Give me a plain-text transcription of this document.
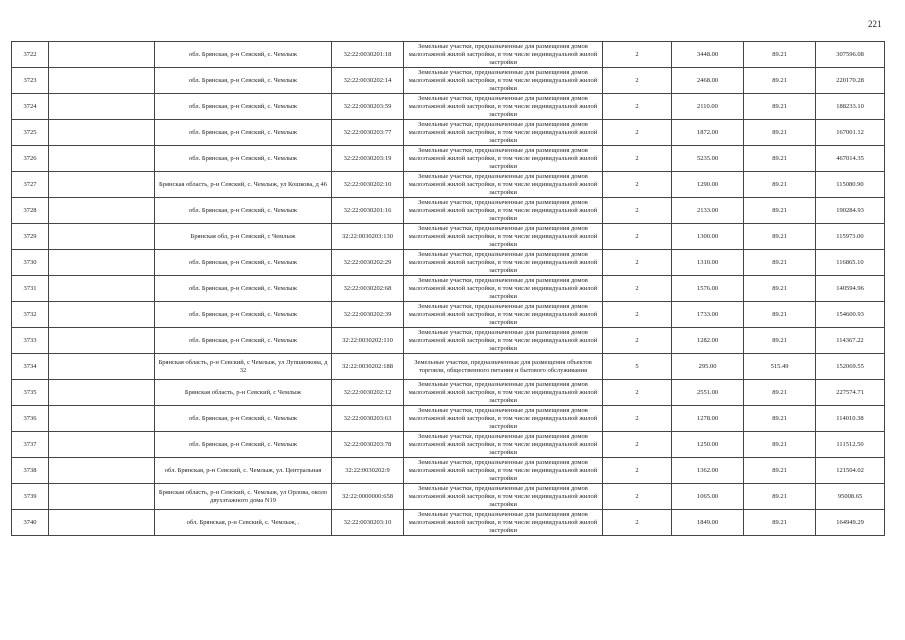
221
3722		обл. Брянская, р-н Севский, с. Чемлыж	32:22:0030201:18	Земельные участки, предназначенные для размещения домов малоэтажной жилой застройки, в том числе индивидуальной жилой застройки	2	3448.00	89.21	307596.08
3723		обл. Брянская, р-н Севский, с. Чемлыж	32:22:0030202:14	Земельные участки, предназначенные для размещения домов малоэтажной жилой застройки, в том числе индивидуальной жилой застройки	2	2468.00	89.21	220170.28
3724		обл. Брянская, р-н Севский, с. Чемлыж	32:22:0030203:59	Земельные участки, предназначенные для размещения домов малоэтажной жилой застройки, в том числе индивидуальной жилой застройки	2	2110.00	89.21	188233.10
3725		обл. Брянская, р-н Севский, с. Чемлыж	32:22:0030203:77	Земельные участки, предназначенные для размещения домов малоэтажной жилой застройки, в том числе индивидуальной жилой застройки	2	1872.00	89.21	167001.12
3726		обл. Брянская, р-н Севский, с. Чемлыж	32:22:0030203:19	Земельные участки, предназначенные для размещения домов малоэтажной жилой застройки, в том числе индивидуальной жилой застройки	2	5235.00	89.21	467014.35
3727		Брянская область, р-н Севский, с. Чемлыж, ул Кошкова, д 46	32:22:0030202:10	Земельные участки, предназначенные для размещения домов малоэтажной жилой застройки, в том числе индивидуальной жилой застройки	2	1290.00	89.21	115080.90
3728		обл. Брянская, р-н Севский, с. Чемлыж	32:22:0030201:16	Земельные участки, предназначенные для размещения домов малоэтажной жилой застройки, в том числе индивидуальной жилой застройки	2	2133.00	89.21	190284.93
3729		Брянская обл, р-н Севский, с Чемлыж	32:22:0030203:130	Земельные участки, предназначенные для размещения домов малоэтажной жилой застройки, в том числе индивидуальной жилой застройки	2	1300.00	89.21	115973.00
3730		обл. Брянская, р-н Севский, с. Чемлыж	32:22:0030202:29	Земельные участки, предназначенные для размещения домов малоэтажной жилой застройки, в том числе индивидуальной жилой застройки	2	1310.00	89.21	116865.10
3731		обл. Брянская, р-н Севский, с. Чемлыж	32:22:0030202:68	Земельные участки, предназначенные для размещения домов малоэтажной жилой застройки, в том числе индивидуальной жилой застройки	2	1576.00	89.21	140594.96
3732		обл. Брянская, р-н Севский, с. Чемлыж	32:22:0030202:39	Земельные участки, предназначенные для размещения домов малоэтажной жилой застройки, в том числе индивидуальной жилой застройки	2	1733.00	89.21	154600.93
3733		обл. Брянская, р-н Севский, с. Чемлыж	32:22:0030202:110	Земельные участки, предназначенные для размещения домов малоэтажной жилой застройки, в том числе индивидуальной жилой застройки	2	1282.00	89.21	114367.22
3734		Брянская область, р-н Севский, с Чемлыж, ул Лупшинкова, д 32	32:22:0030202:188	Земельные участки, предназначенные для размещения объектов торговли, общественного питания и бытового обслуживания	5	295.00	515.49	152069.55
3735		Брянская область, р-н Севский, с Чемлыж	32:22:0030202:12	Земельные участки, предназначенные для размещения домов малоэтажной жилой застройки, в том числе индивидуальной жилой застройки	2	2551.00	89.21	227574.71
3736		обл. Брянская, р-н Севский, с. Чемлыж	32:22:0030203:63	Земельные участки, предназначенные для размещения домов малоэтажной жилой застройки, в том числе индивидуальной жилой застройки	2	1278.00	89.21	114010.38
3737		обл. Брянская, р-н Севский, с. Чемлыж	32:22:0030203:78	Земельные участки, предназначенные для размещения домов малоэтажной жилой застройки, в том числе индивидуальной жилой застройки	2	1250.00	89.21	111512.50
3738		обл. Брянская, р-н Севский, с. Чемлыж, ул. Центральная	32:22:0030202:9	Земельные участки, предназначенные для размещения домов малоэтажной жилой застройки, в том числе индивидуальной жилой застройки	2	1362.00	89.21	121504.02
3739		Брянская область, р-н Севский, с. Чемлыж, ул Орлова, около двухэтажного дома N19	32:22:0000000:658	Земельные участки, предназначенные для размещения домов малоэтажной жилой застройки, в том числе индивидуальной жилой застройки	2	1065.00	89.21	95008.65
3740		обл. Брянская, р-н Севский, с. Чемлыж, .	32:22:0030203:10	Земельные участки, предназначенные для размещения домов малоэтажной жилой застройки, в том числе индивидуальной жилой застройки	2	1849.00	89.21	164949.29
